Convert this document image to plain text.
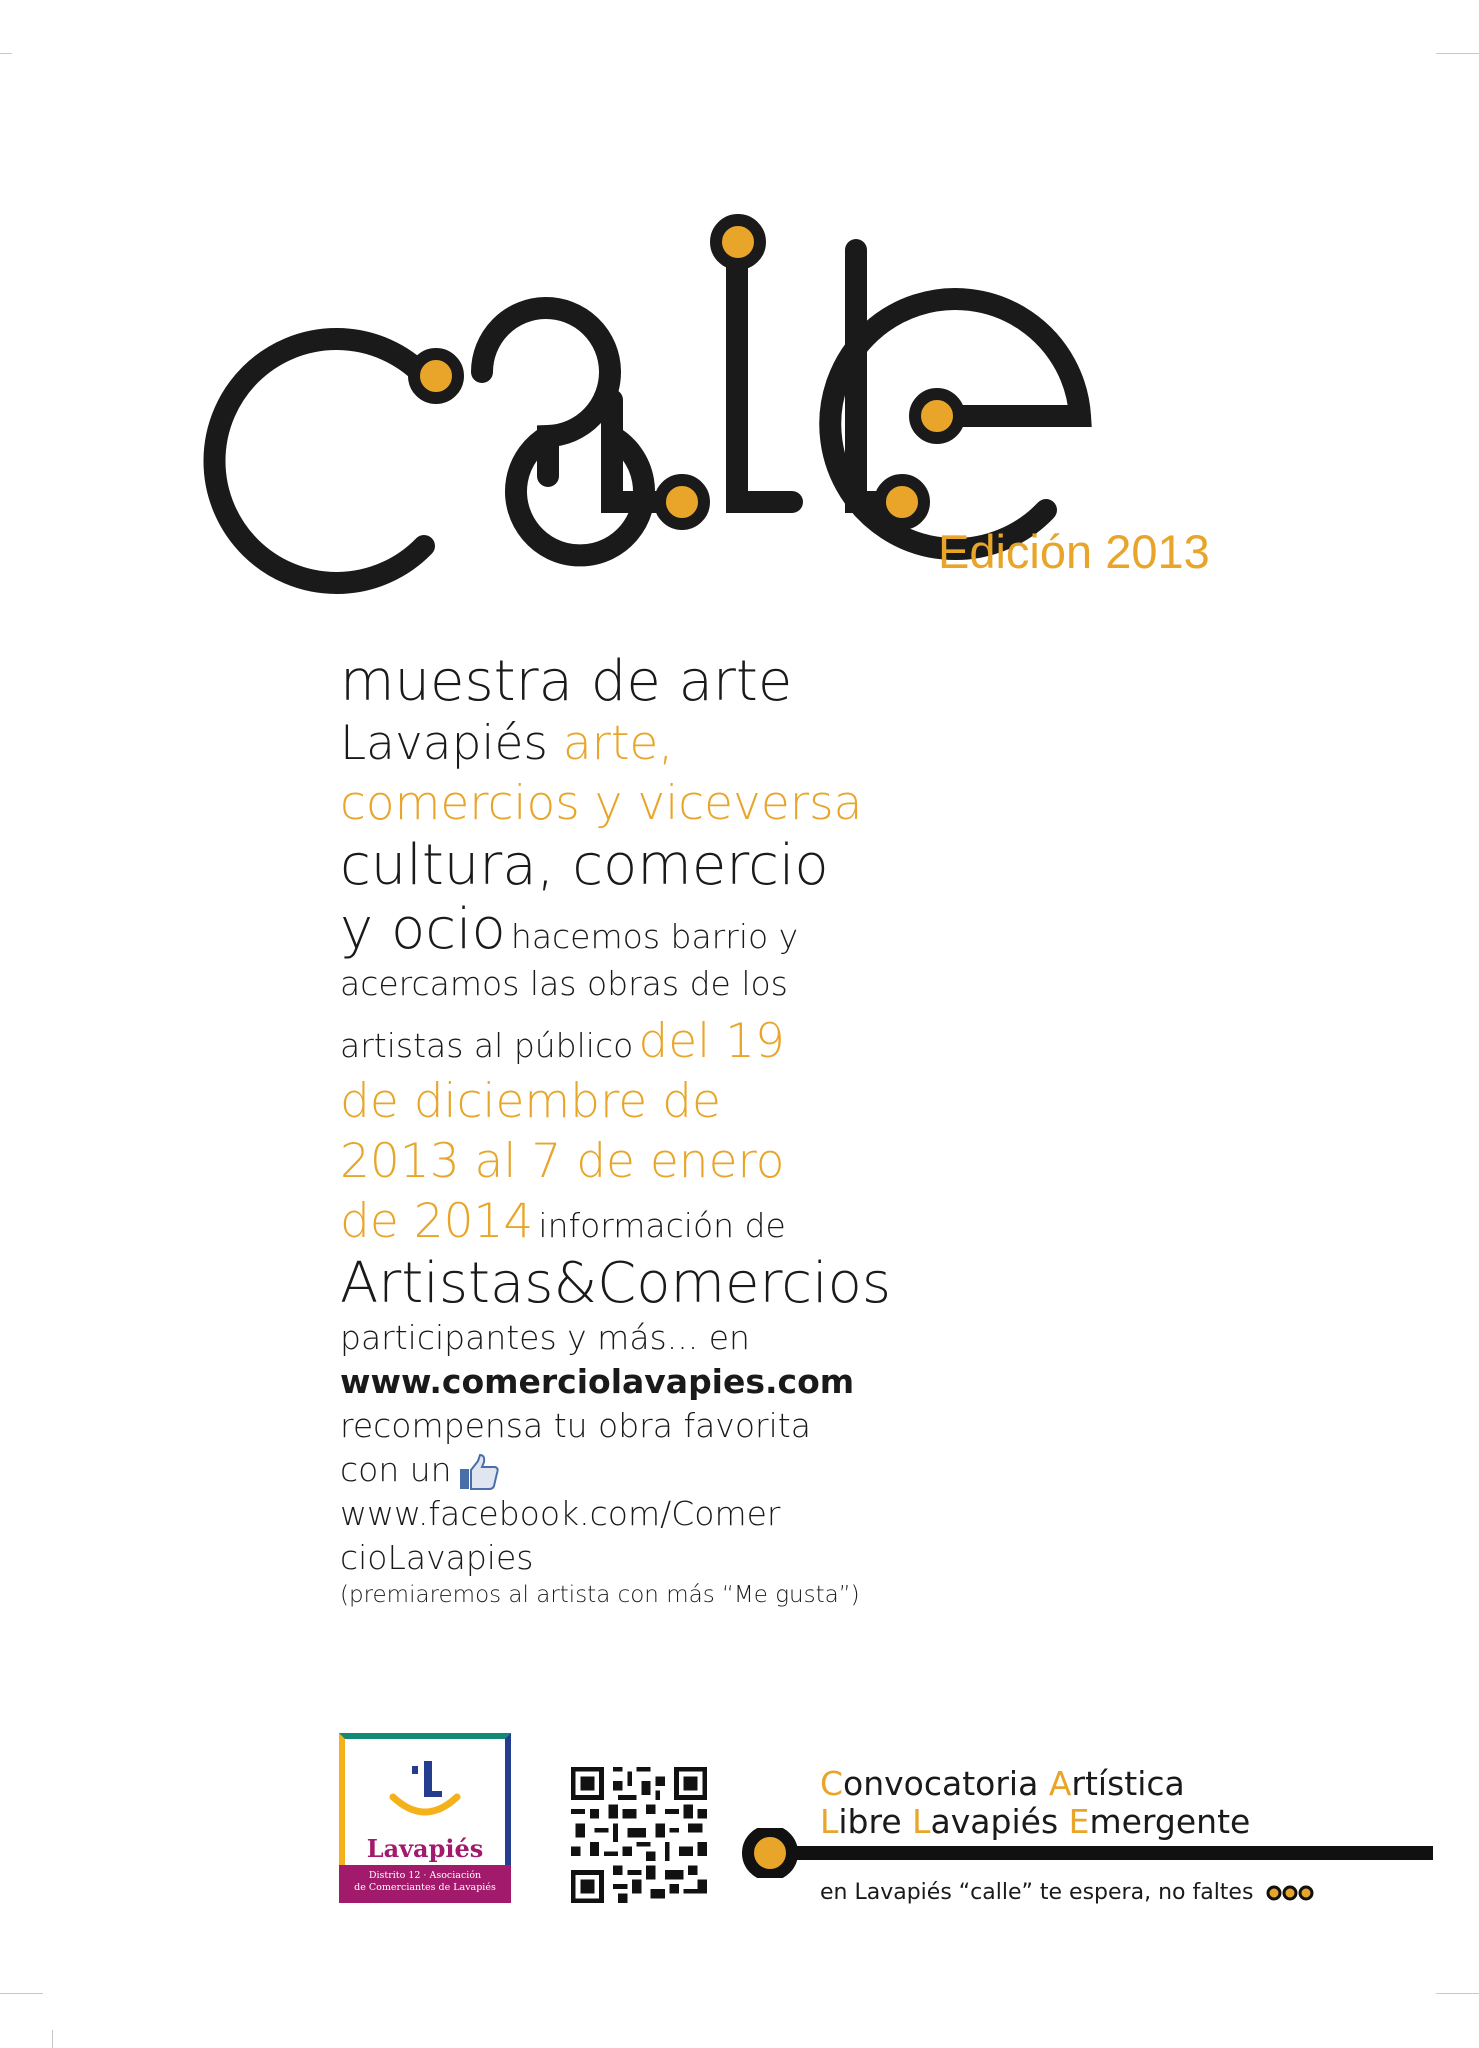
Edición 2013

muestra de arte

Lavapiés arte,

comercios y viceversa

cultura, comercio

y ocio hacemos barrio y

acercamos las obras de los

artistas al público del 19

de diciembre de

2013 al 7 de enero

de 2014 información de

Artistas&Comercios

participantes y más... en

www.comerciolavapies.com

recompensa tu obra favorita

con un

www.facebook.com/Comer

cioLavapies

(premiaremos al artista con más “Me gusta”)

Lavapiés
Distrito 12 · Asociación
de Comerciantes de Lavapiés
Convocatoria Artística
Libre Lavapiés Emergente
en Lavapiés “calle” te espera, no faltes
